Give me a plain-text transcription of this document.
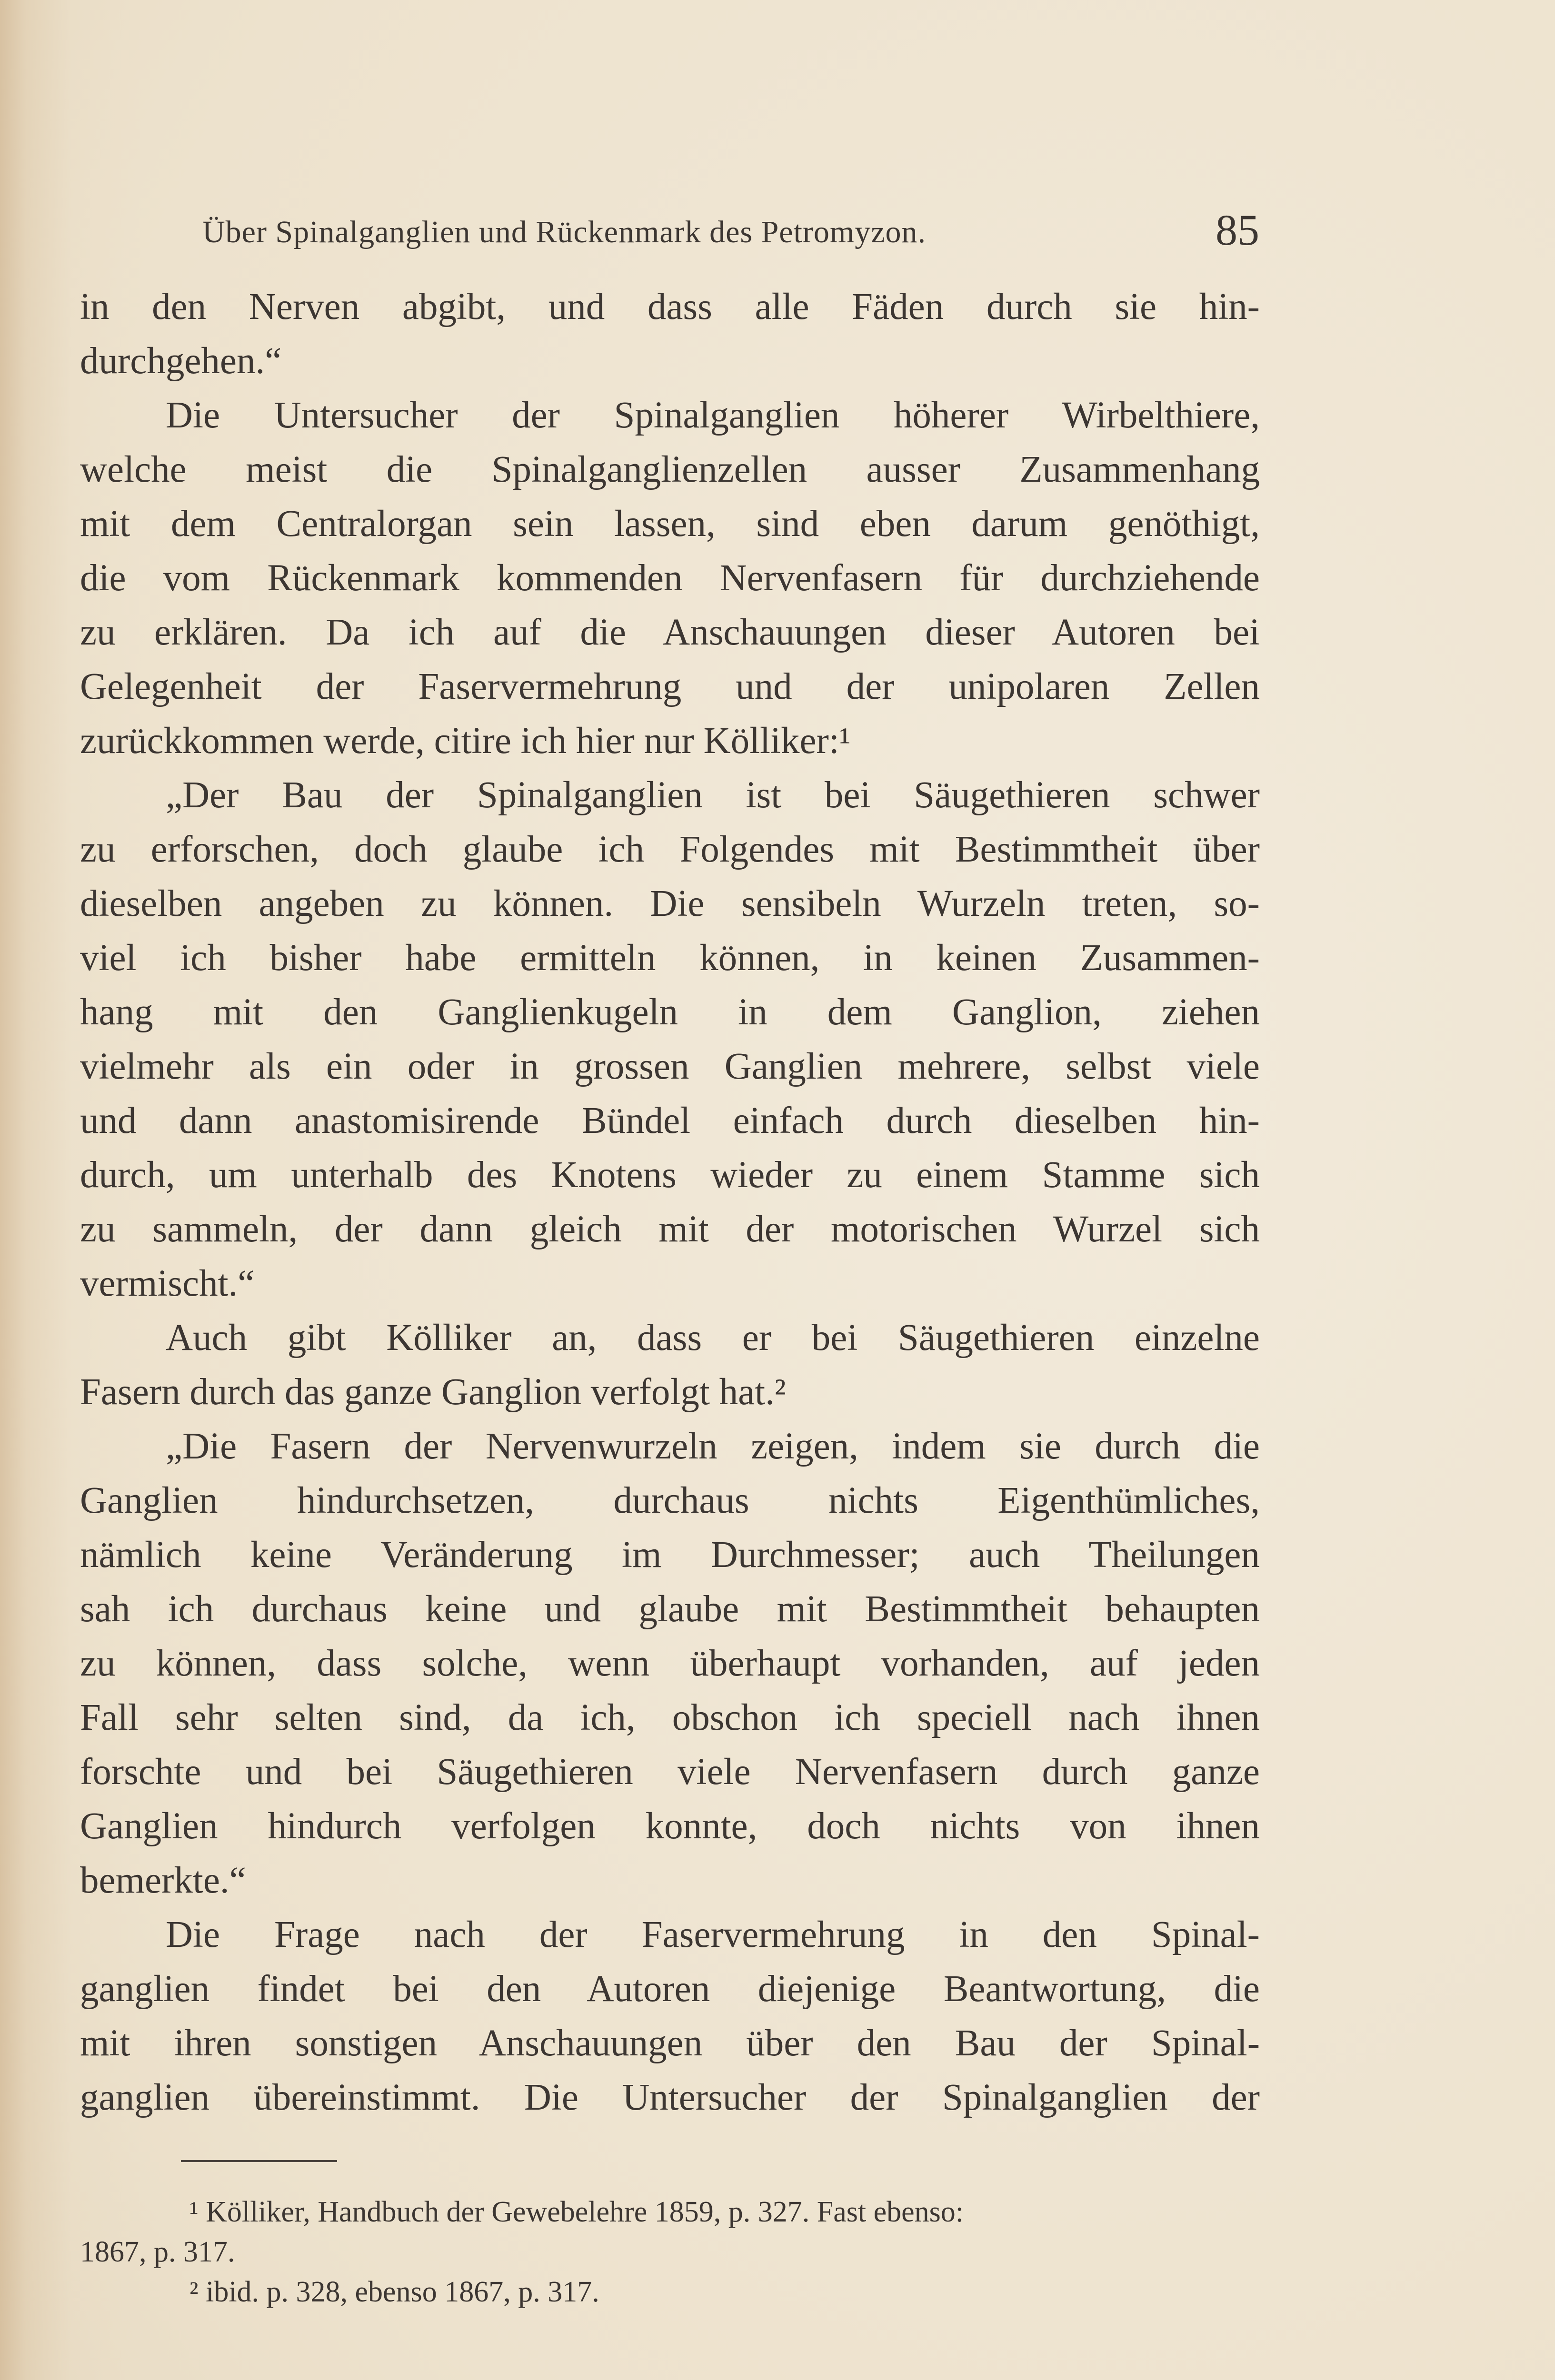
Über Spinalganglien und Rückenmark des Petromyzon.	85
in den Nerven abgibt, und dass alle Fäden durch sie hin-
durchgehen.“
Die Untersucher der Spinalganglien höherer Wirbelthiere,
welche meist die Spinalganglienzellen ausser Zusammenhang
mit dem Centralorgan sein lassen, sind eben darum genöthigt,
die vom Rückenmark kommenden Nervenfasern für durchziehende
zu erklären. Da ich auf die Anschauungen dieser Autoren bei
Gelegenheit der Faservermehrung und der unipolaren Zellen
zurückkommen werde, citire ich hier nur Kölliker:¹
„Der Bau der Spinalganglien ist bei Säugethieren schwer
zu erforschen, doch glaube ich Folgendes mit Bestimmtheit über
dieselben angeben zu können. Die sensibeln Wurzeln treten, so-
viel ich bisher habe ermitteln können, in keinen Zusammen-
hang mit den Ganglienkugeln in dem Ganglion, ziehen
vielmehr als ein oder in grossen Ganglien mehrere, selbst viele
und dann anastomisirende Bündel einfach durch dieselben hin-
durch, um unterhalb des Knotens wieder zu einem Stamme sich
zu sammeln, der dann gleich mit der motorischen Wurzel sich
vermischt.“
Auch gibt Kölliker an, dass er bei Säugethieren einzelne
Fasern durch das ganze Ganglion verfolgt hat.²
„Die Fasern der Nervenwurzeln zeigen, indem sie durch die
Ganglien hindurchsetzen, durchaus nichts Eigenthümliches,
nämlich keine Veränderung im Durchmesser; auch Theilungen
sah ich durchaus keine und glaube mit Bestimmtheit behaupten
zu können, dass solche, wenn überhaupt vorhanden, auf jeden
Fall sehr selten sind, da ich, obschon ich speciell nach ihnen
forschte und bei Säugethieren viele Nervenfasern durch ganze
Ganglien hindurch verfolgen konnte, doch nichts von ihnen
bemerkte.“
Die Frage nach der Faservermehrung in den Spinal-
ganglien findet bei den Autoren diejenige Beantwortung, die
mit ihren sonstigen Anschauungen über den Bau der Spinal-
ganglien übereinstimmt. Die Untersucher der Spinalganglien der
¹ Kölliker, Handbuch der Gewebelehre 1859, p. 327. Fast ebenso:
1867, p. 317.
² ibid. p. 328, ebenso 1867, p. 317.
